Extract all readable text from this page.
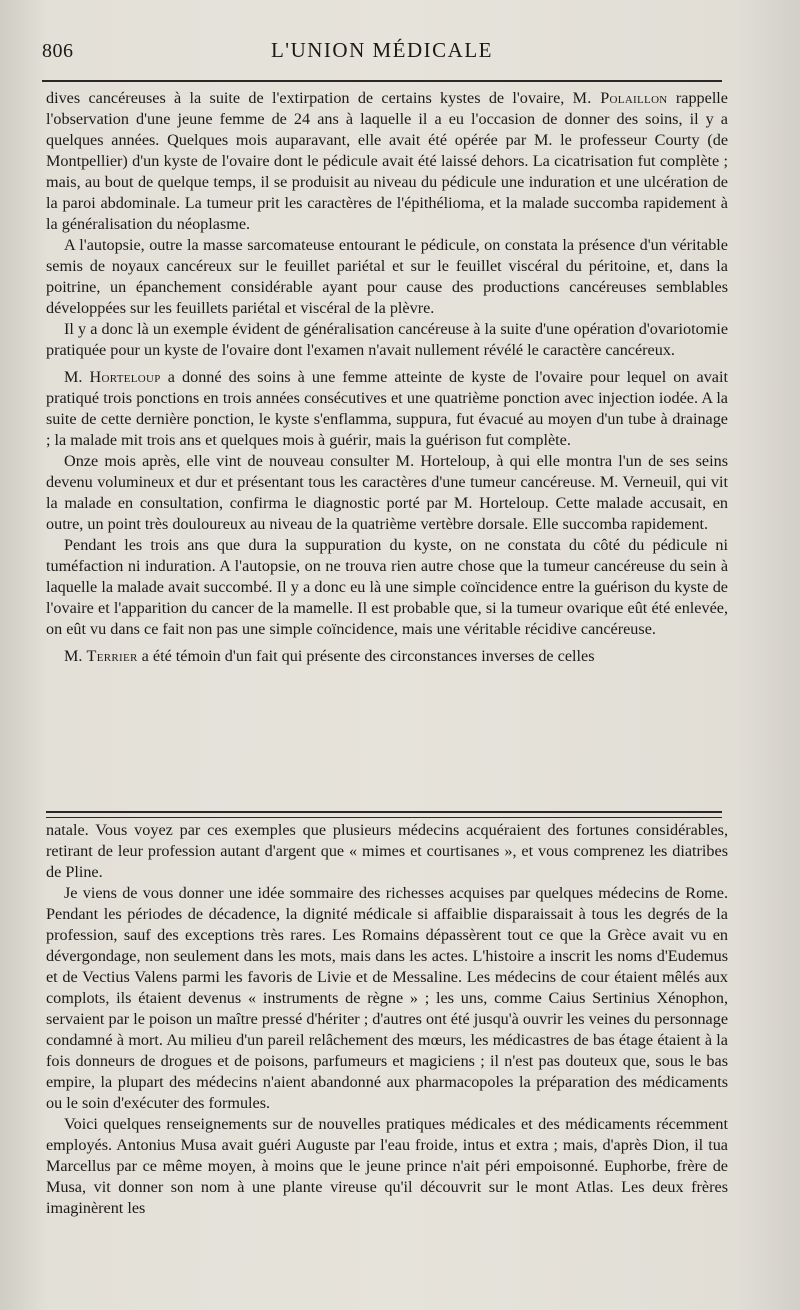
806	L'UNION MÉDICALE

dives cancéreuses à la suite de l'extirpation de certains kystes de l'ovaire, M. Polaillon rappelle l'observation d'une jeune femme de 24 ans à laquelle il a eu l'occasion de donner des soins, il y a quelques années. Quelques mois auparavant, elle avait été opérée par M. le professeur Courty (de Montpellier) d'un kyste de l'ovaire dont le pédicule avait été laissé dehors. La cicatrisation fut complète ; mais, au bout de quelque temps, il se produisit au niveau du pédicule une induration et une ulcération de la paroi abdominale. La tumeur prit les caractères de l'épithélioma, et la malade succomba rapidement à la généralisation du néoplasme.

A l'autopsie, outre la masse sarcomateuse entourant le pédicule, on constata la présence d'un véritable semis de noyaux cancéreux sur le feuillet pariétal et sur le feuillet viscéral du péritoine, et, dans la poitrine, un épanchement considérable ayant pour cause des productions cancéreuses semblables développées sur les feuillets pariétal et viscéral de la plèvre.

Il y a donc là un exemple évident de généralisation cancéreuse à la suite d'une opération d'ovariotomie pratiquée pour un kyste de l'ovaire dont l'examen n'avait nullement révélé le caractère cancéreux.

M. Horteloup a donné des soins à une femme atteinte de kyste de l'ovaire pour lequel on avait pratiqué trois ponctions en trois années consécutives et une quatrième ponction avec injection iodée. A la suite de cette dernière ponction, le kyste s'enflamma, suppura, fut évacué au moyen d'un tube à drainage ; la malade mit trois ans et quelques mois à guérir, mais la guérison fut complète.

Onze mois après, elle vint de nouveau consulter M. Horteloup, à qui elle montra l'un de ses seins devenu volumineux et dur et présentant tous les caractères d'une tumeur cancéreuse. M. Verneuil, qui vit la malade en consultation, confirma le diagnostic porté par M. Horteloup. Cette malade accusait, en outre, un point très douloureux au niveau de la quatrième vertèbre dorsale. Elle succomba rapidement.

Pendant les trois ans que dura la suppuration du kyste, on ne constata du côté du pédicule ni tuméfaction ni induration. A l'autopsie, on ne trouva rien autre chose que la tumeur cancéreuse du sein à laquelle la malade avait succombé. Il y a donc eu là une simple coïncidence entre la guérison du kyste de l'ovaire et l'apparition du cancer de la mamelle. Il est probable que, si la tumeur ovarique eût été enlevée, on eût vu dans ce fait non pas une simple coïncidence, mais une véritable récidive cancéreuse.

M. Terrier a été témoin d'un fait qui présente des circonstances inverses de celles

natale. Vous voyez par ces exemples que plusieurs médecins acquéraient des fortunes considérables, retirant de leur profession autant d'argent que « mimes et courtisanes », et vous comprenez les diatribes de Pline.

Je viens de vous donner une idée sommaire des richesses acquises par quelques médecins de Rome. Pendant les périodes de décadence, la dignité médicale si affaiblie disparaissait à tous les degrés de la profession, sauf des exceptions très rares. Les Romains dépassèrent tout ce que la Grèce avait vu en dévergondage, non seulement dans les mots, mais dans les actes. L'histoire a inscrit les noms d'Eudemus et de Vectius Valens parmi les favoris de Livie et de Messaline. Les médecins de cour étaient mêlés aux complots, ils étaient devenus « instruments de règne » ; les uns, comme Caius Sertinius Xénophon, servaient par le poison un maître pressé d'hériter ; d'autres ont été jusqu'à ouvrir les veines du personnage condamné à mort. Au milieu d'un pareil relâchement des mœurs, les médicastres de bas étage étaient à la fois donneurs de drogues et de poisons, parfumeurs et magiciens ; il n'est pas douteux que, sous le bas empire, la plupart des médecins n'aient abandonné aux pharmacopoles la préparation des médicaments ou le soin d'exécuter des formules.

Voici quelques renseignements sur de nouvelles pratiques médicales et des médicaments récemment employés. Antonius Musa avait guéri Auguste par l'eau froide, intus et extra ; mais, d'après Dion, il tua Marcellus par ce même moyen, à moins que le jeune prince n'ait péri empoisonné. Euphorbe, frère de Musa, vit donner son nom à une plante vireuse qu'il découvrit sur le mont Atlas. Les deux frères imaginèrent les
